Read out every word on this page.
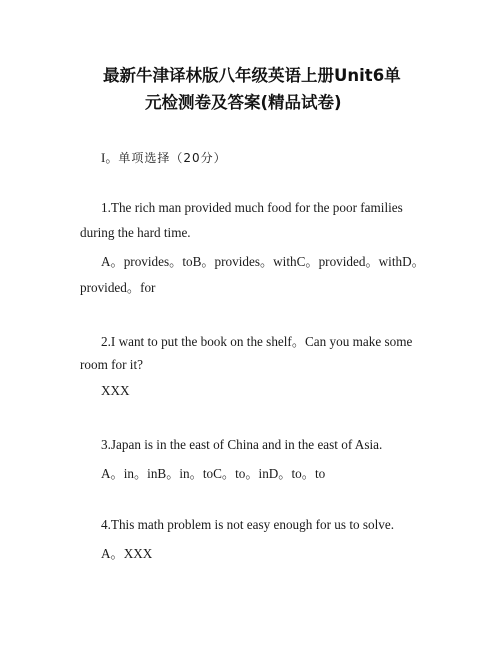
最新牛津译林版八年级英语上册Unit6单
元检测卷及答案(精品试卷)
I。单项选择（20分）
1.The rich man provided much food for the poor families
during the hard time.
A。provides。toB。provides。withC。provided。withD。
provided。for
2.I want to put the book on the shelf。Can you make some
room for it?
XXX
3.Japan is in the east of China and in the east of Asia.
A。in。inB。in。toC。to。inD。to。to
4.This math problem is not easy enough for us to solve.
A。XXX
